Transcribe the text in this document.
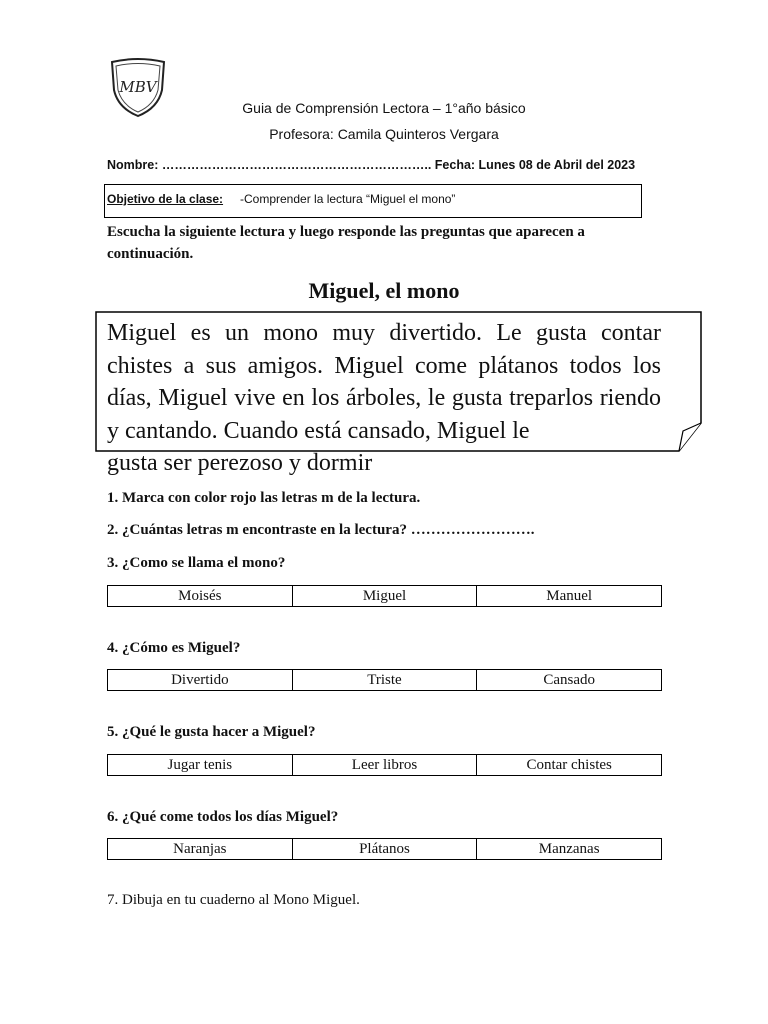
MBV
Guia de Comprensión Lectora – 1°año básico
Profesora: Camila Quinteros Vergara
Nombre: ……………………………………………………….. Fecha: Lunes 08 de Abril del 2023
Objetivo de la clase: -Comprender la lectura “Miguel el mono”
Escucha la siguiente lectura y luego responde las preguntas que aparecen a continuación.
Miguel, el mono
Miguel es un mono muy divertido. Le gusta contar chistes a sus amigos. Miguel come plátanos todos los días, Miguel vive en los árboles, le gusta treparlos riendo y cantando. Cuando está cansado, Miguel le
gusta ser perezoso y dormir
1. Marca con color rojo las letras m de la lectura.
2. ¿Cuántas letras m encontraste en la lectura? …………………….
3. ¿Como se llama el mono?
Moisés	Miguel	Manuel
4. ¿Cómo es Miguel?
Divertido	Triste	Cansado
5. ¿Qué le gusta hacer a Miguel?
Jugar tenis	Leer libros	Contar chistes
6. ¿Qué come todos los días Miguel?
Naranjas	Plátanos	Manzanas
7. Dibuja en tu cuaderno al Mono Miguel.
